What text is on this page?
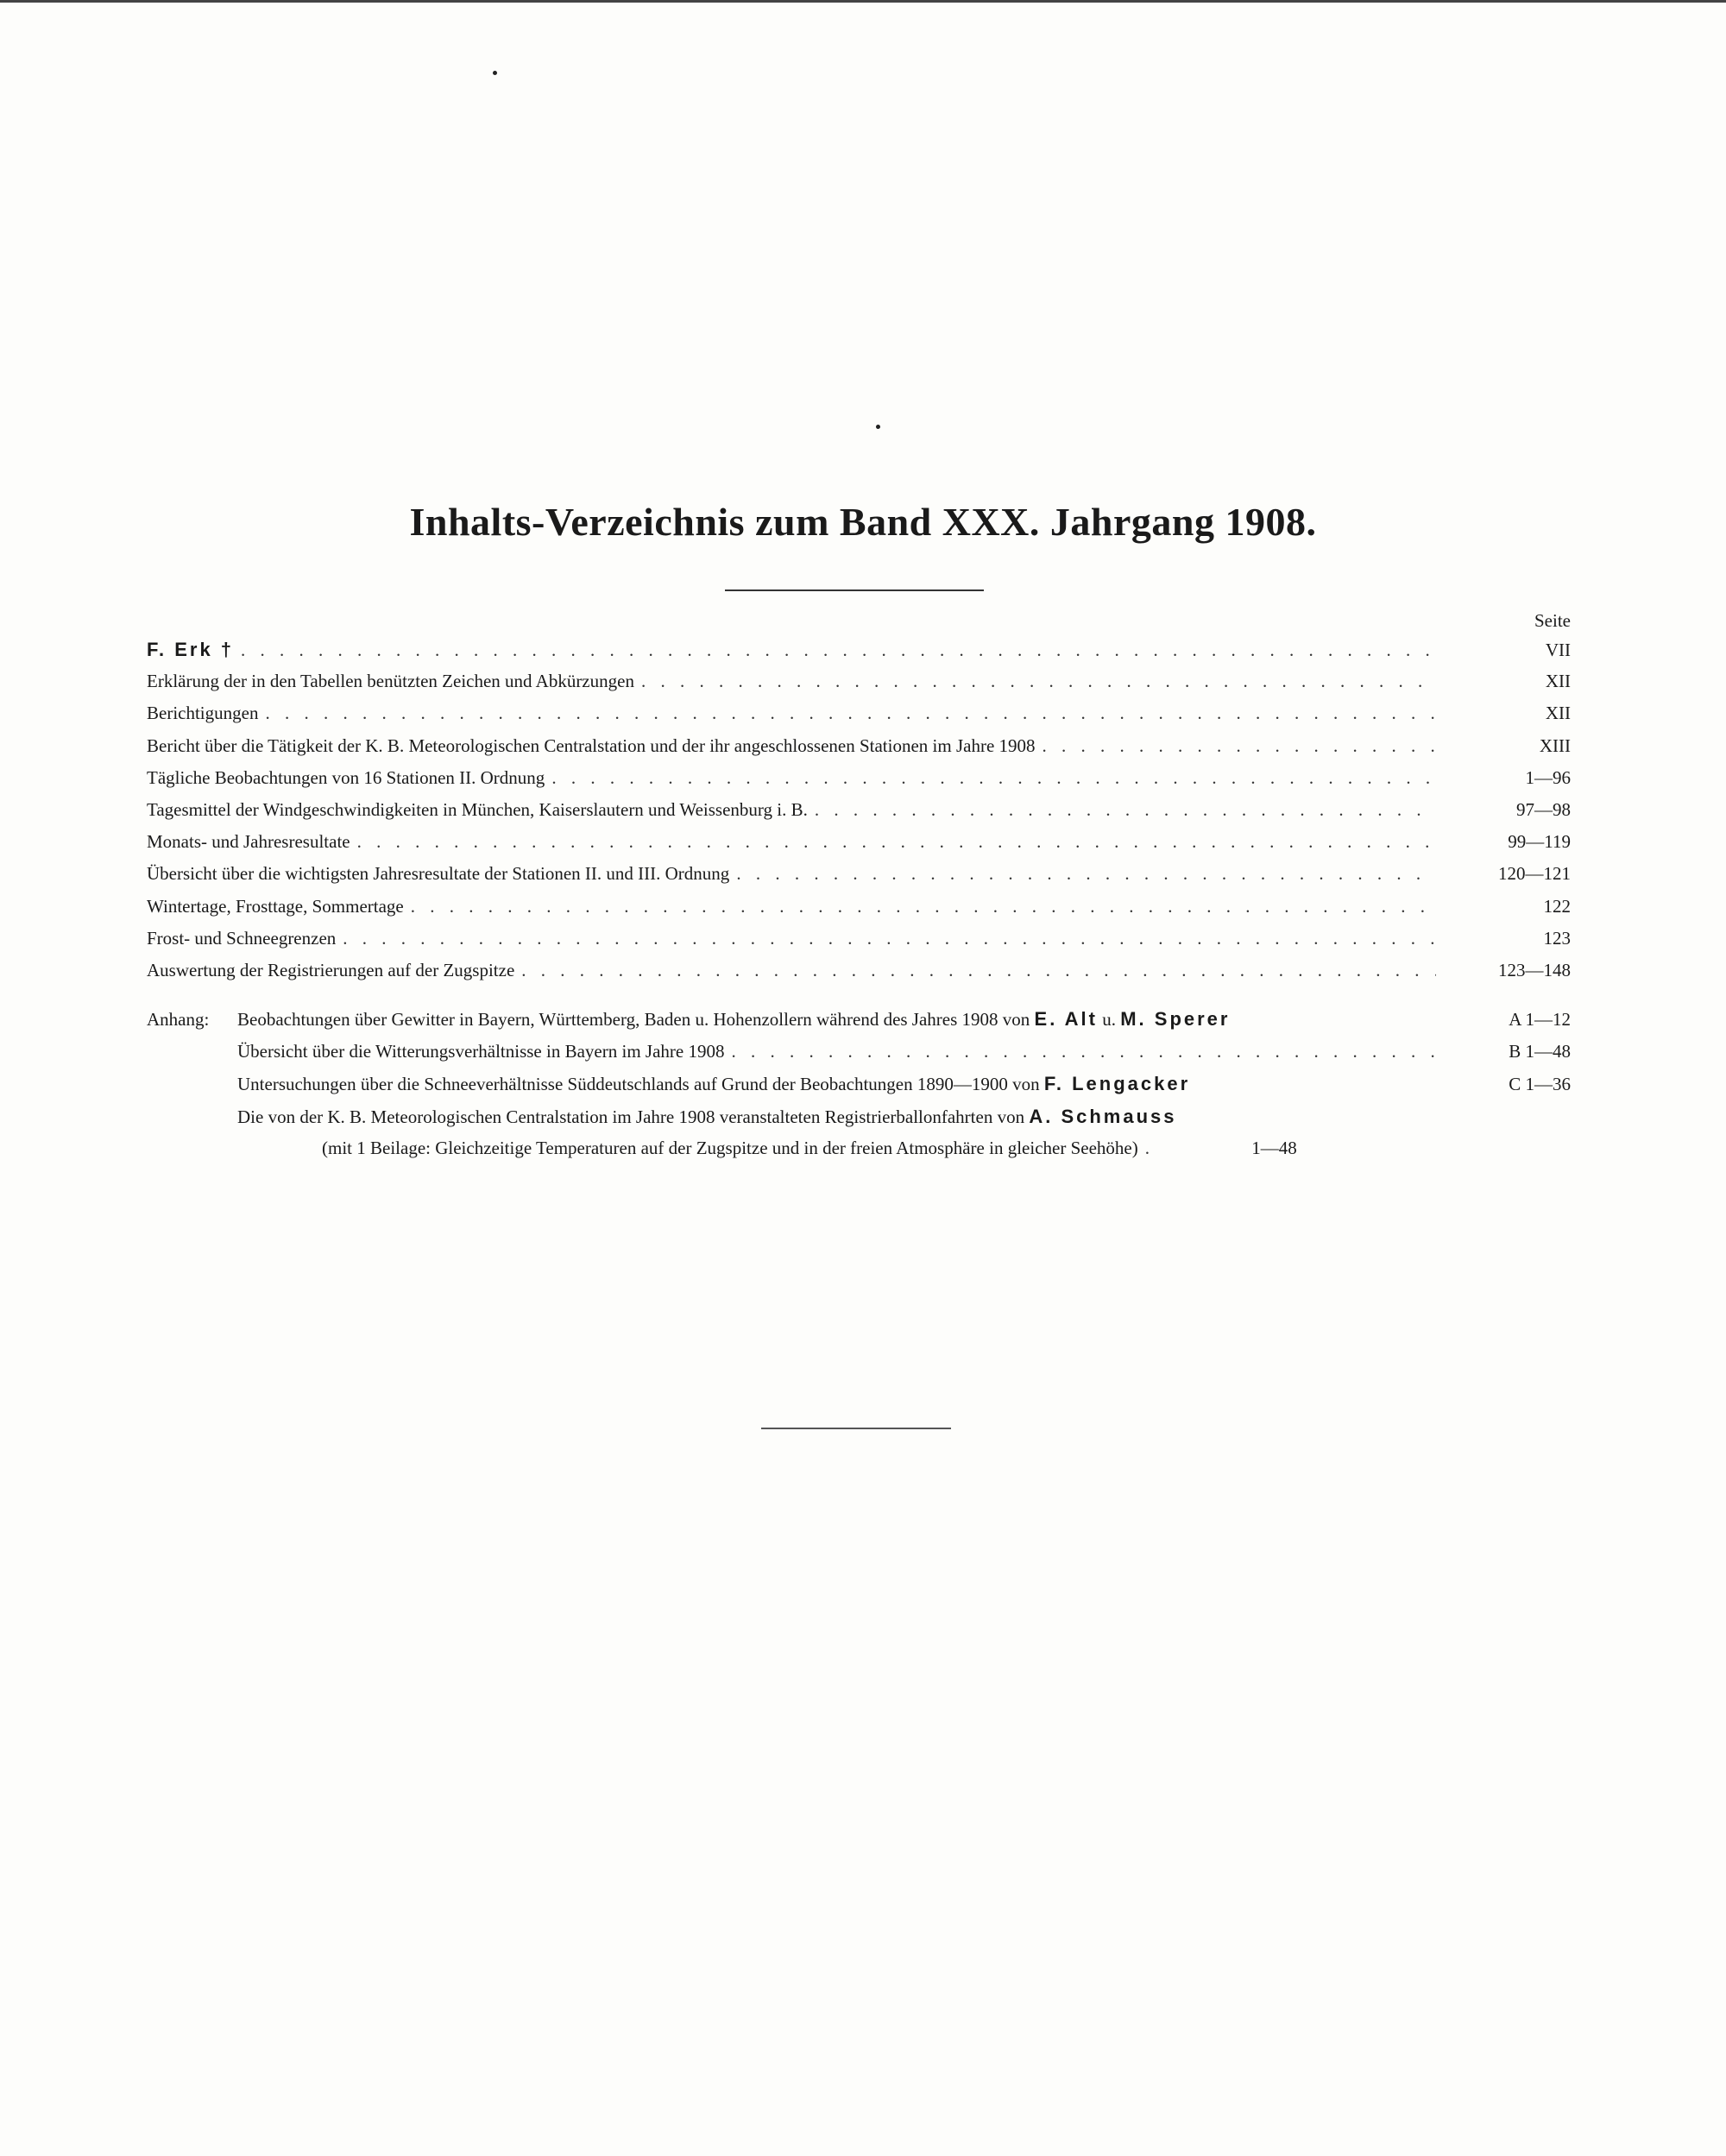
Inhalts-Verzeichnis zum Band XXX. Jahrgang 1908.
Seite
F. Erk † . . .	VII
Erklärung der in den Tabellen benützten Zeichen und Abkürzungen . . .	XII
Berichtigungen . . .	XII
Bericht über die Tätigkeit der K. B. Meteorologischen Centralstation und der ihr angeschlossenen Stationen im Jahre 1908 . . .	XIII
Tägliche Beobachtungen von 16 Stationen II. Ordnung . . .	1—96
Tagesmittel der Windgeschwindigkeiten in München, Kaiserslautern und Weissenburg i. B. . . .	97—98
Monats- und Jahresresultate . . .	99—119
Übersicht über die wichtigsten Jahresresultate der Stationen II. und III. Ordnung . . .	120—121
Wintertage, Frosttage, Sommertage . . .	122
Frost- und Schneegrenzen . . .	123
Auswertung der Registrierungen auf der Zugspitze . . .	123—148
Anhang:	Beobachtungen über Gewitter in Bayern, Württemberg, Baden u. Hohenzollern während des Jahres 1908 von E. Alt u. M. Sperer	A 1—12
Übersicht über die Witterungsverhältnisse in Bayern im Jahre 1908 . . .	B 1—48
Untersuchungen über die Schneeverhältnisse Süddeutschlands auf Grund der Beobachtungen 1890—1900 von F. Lengacker	C 1—36
Die von der K. B. Meteorologischen Centralstation im Jahre 1908 veranstalteten Registrierballonfahrten von A. Schmauss
(mit 1 Beilage: Gleichzeitige Temperaturen auf der Zugspitze und in der freien Atmosphäre in gleicher Seehöhe) . . .	1—48
